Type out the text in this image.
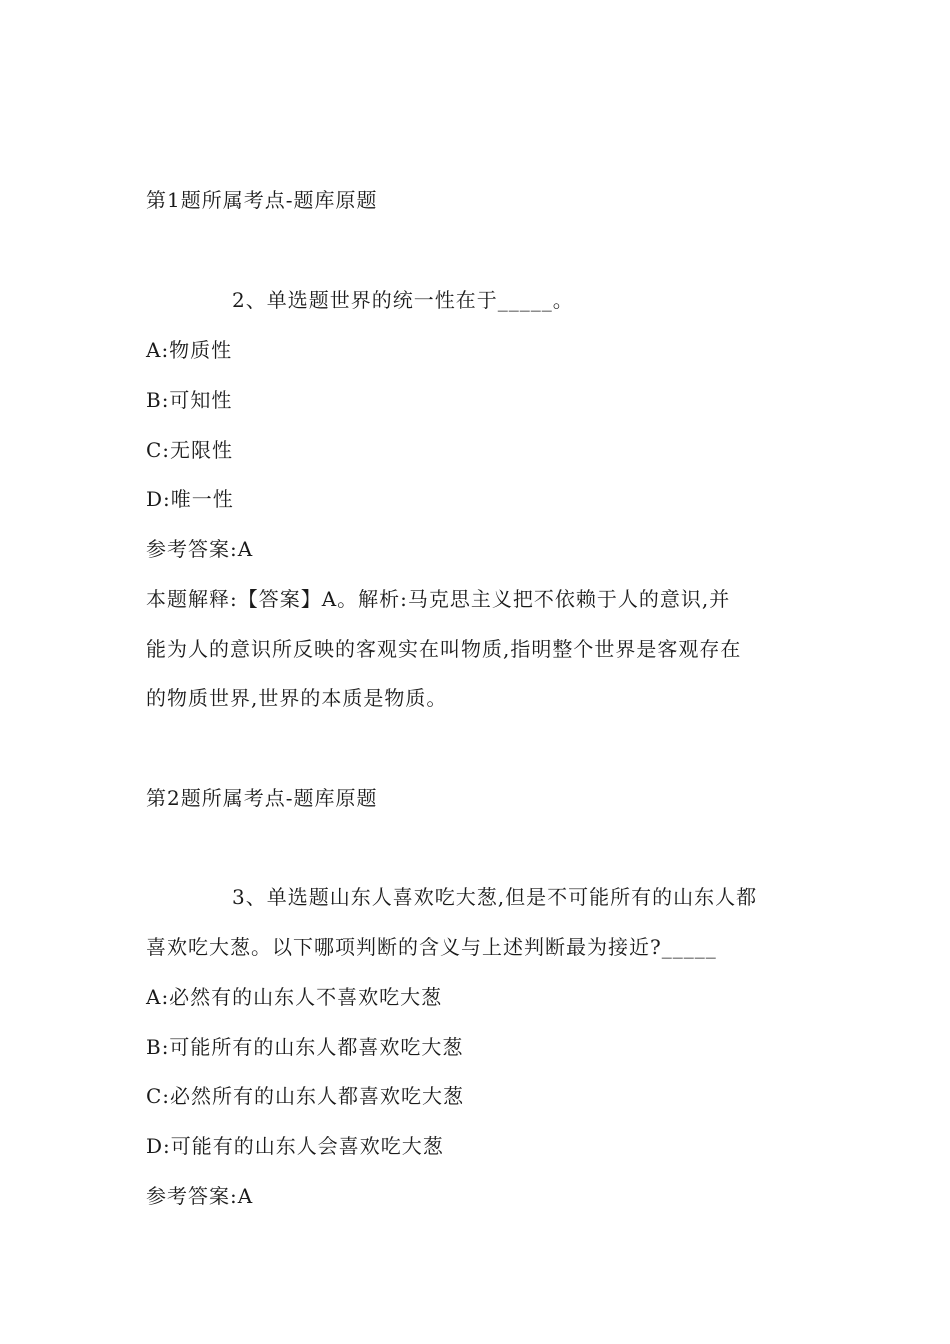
第1题所属考点-题库原题
2、单选题世界的统一性在于_____。
A:物质性
B:可知性
C:无限性
D:唯一性
参考答案:A
本题解释:【答案】A。解析:马克思主义把不依赖于人的意识,并
能为人的意识所反映的客观实在叫物质,指明整个世界是客观存在
的物质世界,世界的本质是物质。
第2题所属考点-题库原题
3、单选题山东人喜欢吃大葱,但是不可能所有的山东人都
喜欢吃大葱。以下哪项判断的含义与上述判断最为接近?_____
A:必然有的山东人不喜欢吃大葱
B:可能所有的山东人都喜欢吃大葱
C:必然所有的山东人都喜欢吃大葱
D:可能有的山东人会喜欢吃大葱
参考答案:A
